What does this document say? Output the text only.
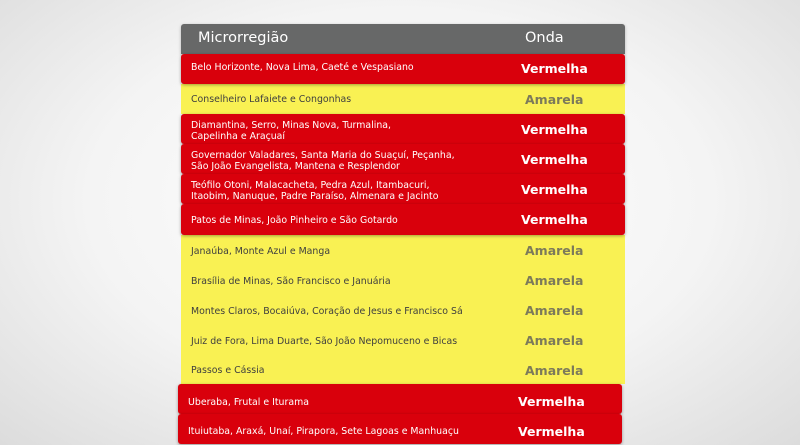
Microrregião	Onda
Belo Horizonte, Nova Lima, Caeté e Vespasiano	Vermelha
Conselheiro Lafaiete e Congonhas	Amarela
Diamantina, Serro, Minas Nova, Turmalina,
Capelinha e Araçuaí	Vermelha
Governador Valadares, Santa Maria do Suaçuí, Peçanha,
São João Evangelista, Mantena e Resplendor	Vermelha
Teófilo Otoni, Malacacheta, Pedra Azul, Itambacuri,
Itaobim, Nanuque, Padre Paraíso, Almenara e Jacinto	Vermelha
Patos de Minas, João Pinheiro e São Gotardo	Vermelha
Janaúba, Monte Azul e Manga	Amarela
Brasília de Minas, São Francisco e Januária	Amarela
Montes Claros, Bocaiúva, Coração de Jesus e Francisco Sá	Amarela
Juiz de Fora, Lima Duarte, São João Nepomuceno e Bicas	Amarela
Passos e Cássia	Amarela
Uberaba, Frutal e Iturama	Vermelha
Ituiutaba, Araxá, Unaí, Pirapora, Sete Lagoas e Manhuaçu	Vermelha
